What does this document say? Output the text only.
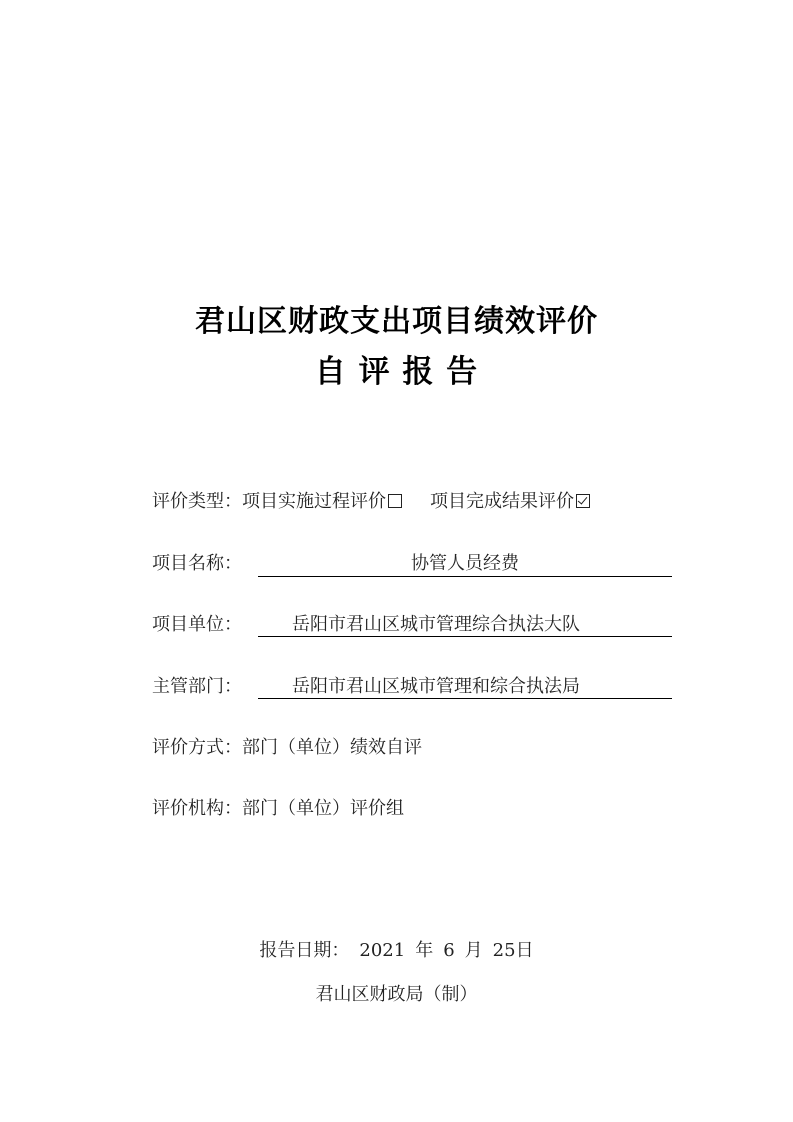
君山区财政支出项目绩效评价
自 评 报 告
评价类型：项目实施过程评价 项目完成结果评价
项目名称：	协管人员经费
项目单位：	岳阳市君山区城市管理综合执法大队
主管部门：	岳阳市君山区城市管理和综合执法局
评价方式：部门（单位）绩效自评
评价机构：部门（单位）评价组
报告日期： 2021 年 6 月 25日
君山区财政局（制）
